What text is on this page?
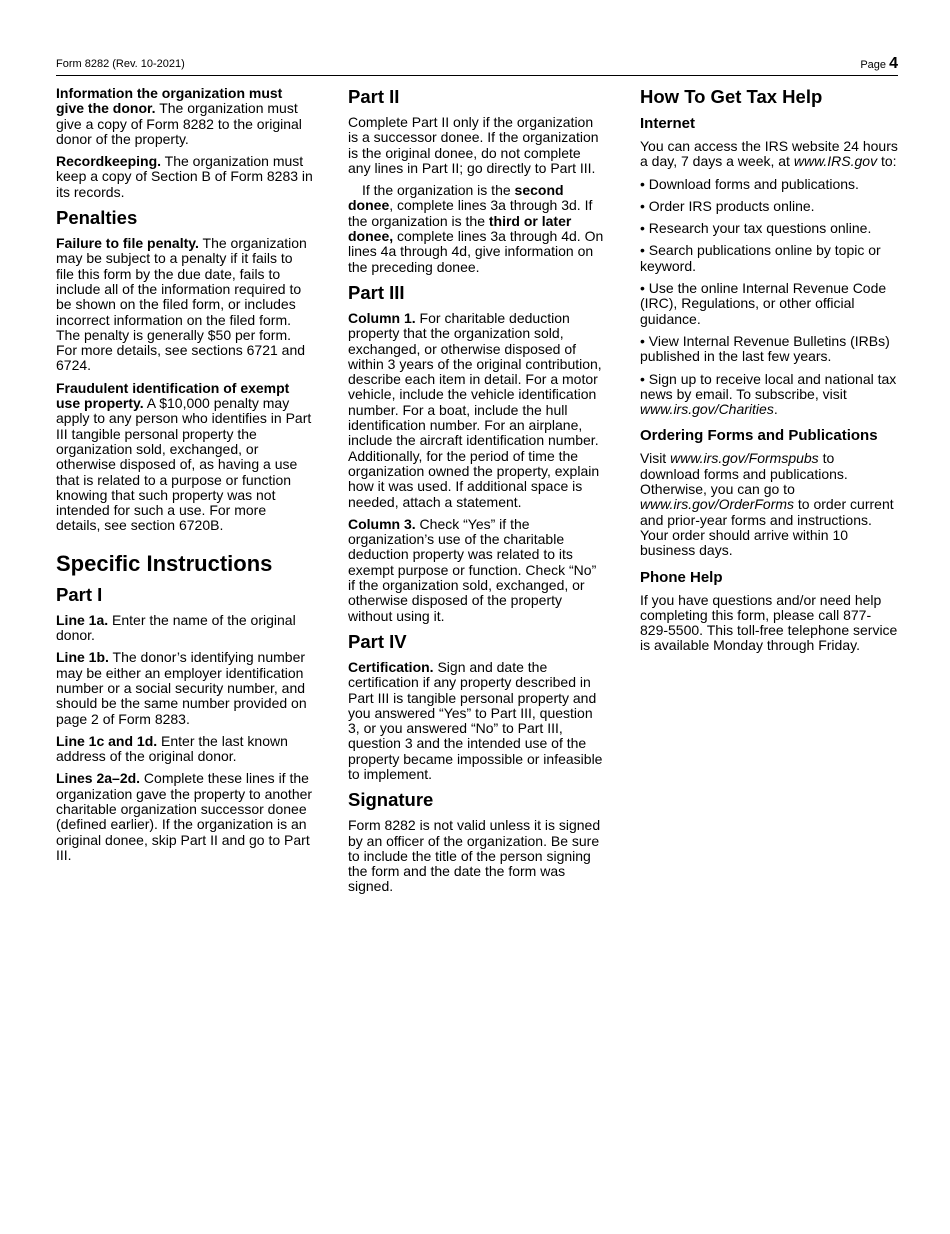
Form 8282 (Rev. 10-2021)	Page 4

Information the organization must give the donor. The organization must give a copy of Form 8282 to the original donor of the property.

Recordkeeping. The organization must keep a copy of Section B of Form 8283 in its records.

Penalties

Failure to file penalty. The organization may be subject to a penalty if it fails to file this form by the due date, fails to include all of the information required to be shown on the filed form, or includes incorrect information on the filed form. The penalty is generally $50 per form. For more details, see sections 6721 and 6724.

Fraudulent identification of exempt use property. A $10,000 penalty may apply to any person who identifies in Part III tangible personal property the organization sold, exchanged, or otherwise disposed of, as having a use that is related to a purpose or function knowing that such property was not intended for such a use. For more details, see section 6720B.

Specific Instructions
Part I

Line 1a. Enter the name of the original donor.

Line 1b. The donor’s identifying number may be either an employer identification number or a social security number, and should be the same number provided on page 2 of Form 8283.

Line 1c and 1d. Enter the last known address of the original donor.

Lines 2a–2d. Complete these lines if the organization gave the property to another charitable organization successor donee (defined earlier). If the organization is an original donee, skip Part II and go to Part III.

Part II

Complete Part II only if the organization is a successor donee. If the organization is the original donee, do not complete any lines in Part II; go directly to Part III.

If the organization is the second donee, complete lines 3a through 3d. If the organization is the third or later donee, complete lines 3a through 4d. On lines 4a through 4d, give information on the preceding donee.

Part III

Column 1. For charitable deduction property that the organization sold, exchanged, or otherwise disposed of within 3 years of the original contribution, describe each item in detail. For a motor vehicle, include the vehicle identification number. For a boat, include the hull identification number. For an airplane, include the aircraft identification number. Additionally, for the period of time the organization owned the property, explain how it was used. If additional space is needed, attach a statement.

Column 3. Check “Yes” if the organization’s use of the charitable deduction property was related to its exempt purpose or function. Check “No” if the organization sold, exchanged, or otherwise disposed of the property without using it.

Part IV

Certification. Sign and date the certification if any property described in Part III is tangible personal property and you answered “Yes” to Part III, question 3, or you answered “No” to Part III, question 3 and the intended use of the property became impossible or infeasible to implement.

Signature

Form 8282 is not valid unless it is signed by an officer of the organization. Be sure to include the title of the person signing the form and the date the form was signed.

How To Get Tax Help
Internet

You can access the IRS website 24 hours a day, 7 days a week, at www.IRS.gov to:

• Download forms and publications.

• Order IRS products online.

• Research your tax questions online.

• Search publications online by topic or keyword.

• Use the online Internal Revenue Code (IRC), Regulations, or other official guidance.

• View Internal Revenue Bulletins (IRBs) published in the last few years.

• Sign up to receive local and national tax news by email. To subscribe, visit www.irs.gov/Charities.

Ordering Forms and Publications

Visit www.irs.gov/Formspubs to download forms and publications. Otherwise, you can go to www.irs.gov/OrderForms to order current and prior-year forms and instructions. Your order should arrive within 10 business days.

Phone Help

If you have questions and/or need help completing this form, please call 877-829-5500. This toll-free telephone service is available Monday through Friday.
